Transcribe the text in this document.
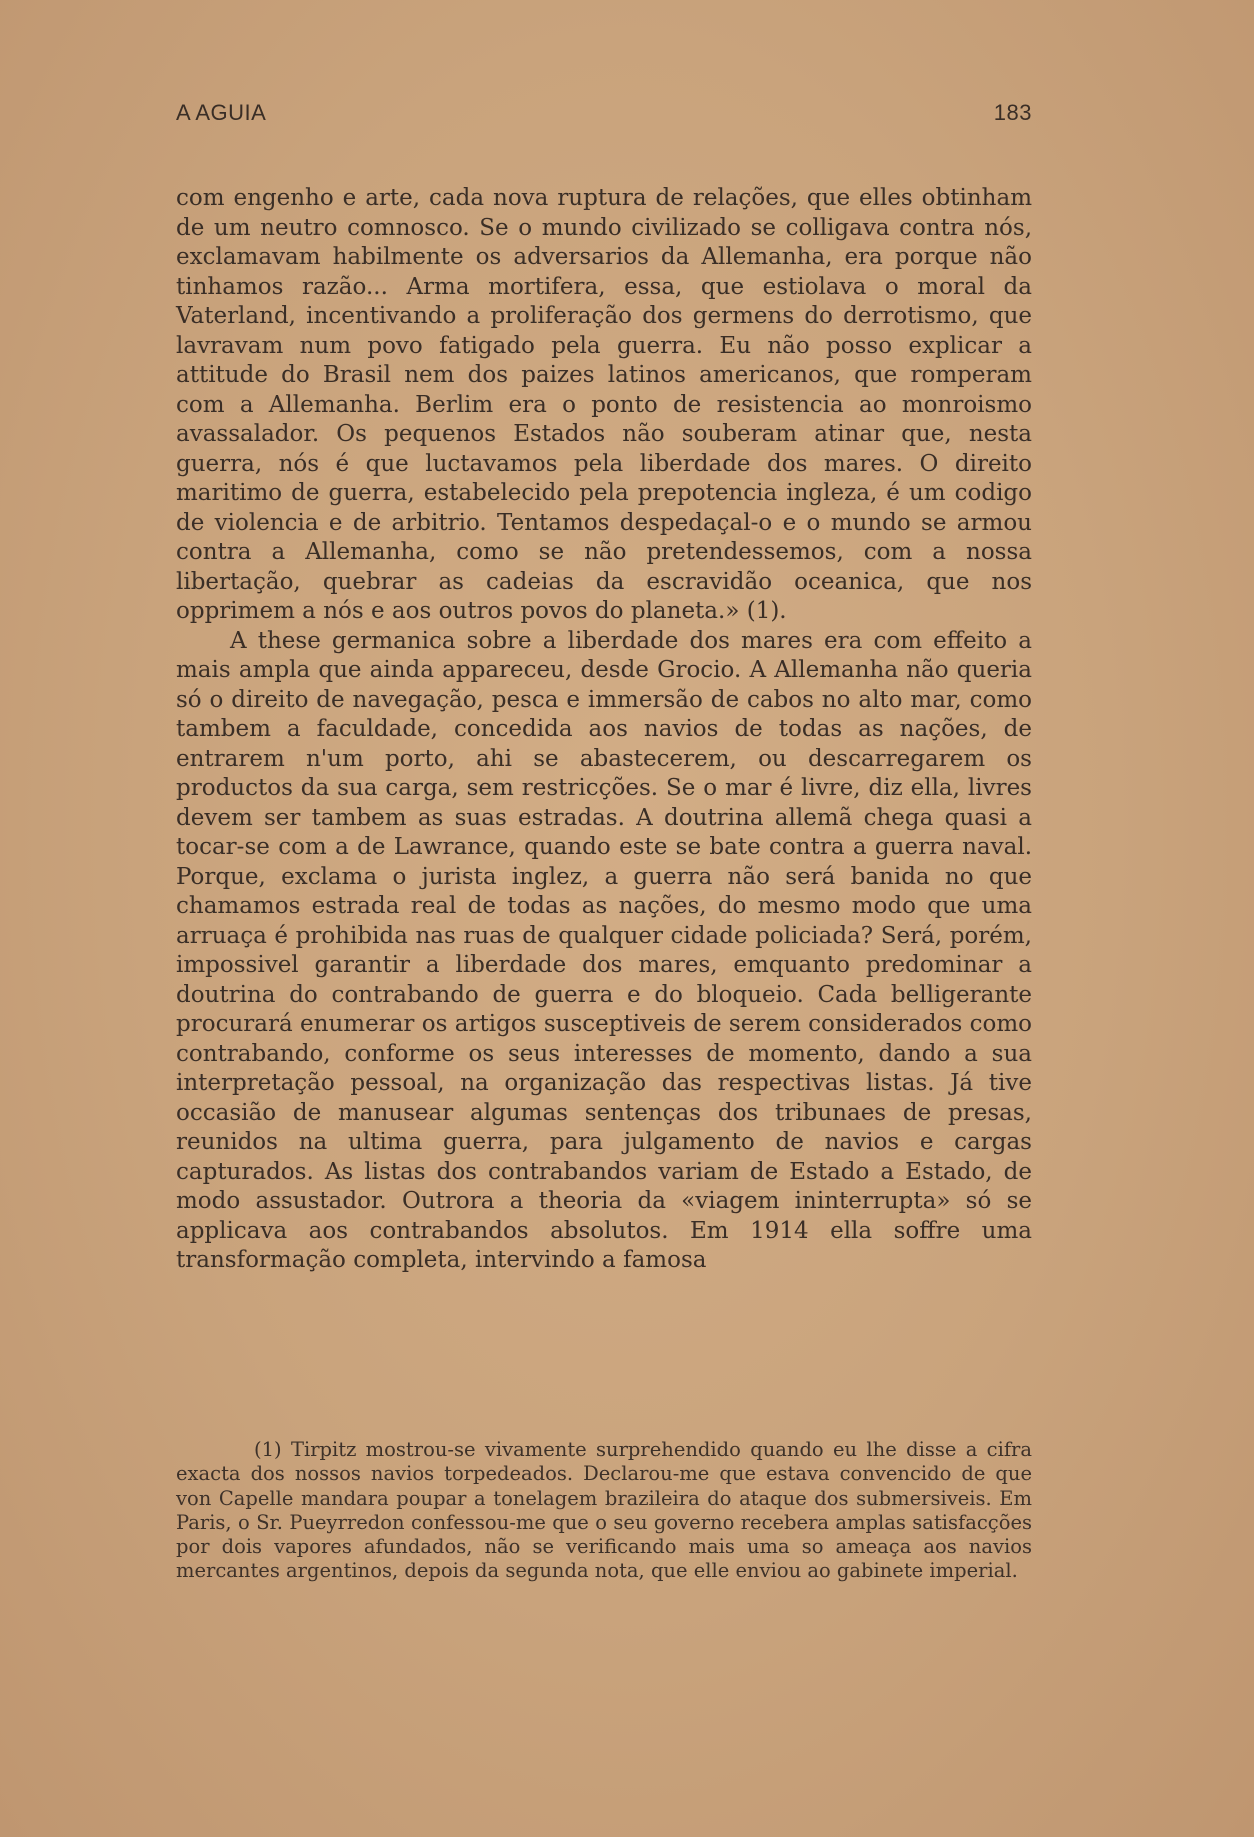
A AGUIA	183

com engenho e arte, cada nova ruptura de relações, que elles obtinham de um neutro comnosco. Se o mundo civilizado se colligava contra nós, exclamavam habilmente os adversarios da Allemanha, era porque não tinhamos razão... Arma mortifera, essa, que estiolava o moral da Vaterland, incentivando a proliferação dos germens do derrotismo, que lavravam num povo fatigado pela guerra. Eu não posso explicar a attitude do Brasil nem dos paizes latinos americanos, que romperam com a Allemanha. Berlim era o ponto de resistencia ao monroismo avassalador. Os pequenos Estados não souberam atinar que, nesta guerra, nós é que luctavamos pela liberdade dos mares. O direito maritimo de guerra, estabelecido pela prepotencia ingleza, é um codigo de violencia e de arbitrio. Tentamos despedaçal-o e o mundo se armou contra a Allemanha, como se não pretendessemos, com a nossa libertação, quebrar as cadeias da escravidão oceanica, que nos opprimem a nós e aos outros povos do planeta.» (1).

A these germanica sobre a liberdade dos mares era com effeito a mais ampla que ainda appareceu, desde Grocio. A Allemanha não queria só o direito de navegação, pesca e immersão de cabos no alto mar, como tambem a faculdade, concedida aos navios de todas as nações, de entrarem n'um porto, ahi se abastecerem, ou descarregarem os productos da sua carga, sem restricções. Se o mar é livre, diz ella, livres devem ser tambem as suas estradas. A doutrina allemã chega quasi a tocar-se com a de Lawrance, quando este se bate contra a guerra naval. Porque, exclama o jurista inglez, a guerra não será banida no que chamamos estrada real de todas as nações, do mesmo modo que uma arruaça é prohibida nas ruas de qualquer cidade policiada? Será, porém, impossivel garantir a liberdade dos mares, emquanto predominar a doutrina do contrabando de guerra e do bloqueio. Cada belligerante procurará enumerar os artigos susceptiveis de serem considerados como contrabando, conforme os seus interesses de momento, dando a sua interpretação pessoal, na organização das respectivas listas. Já tive occasião de manusear algumas sentenças dos tribunaes de presas, reunidos na ultima guerra, para julgamento de navios e cargas capturados. As listas dos contrabandos variam de Estado a Estado, de modo assustador. Outrora a theoria da «viagem ininterrupta» só se applicava aos contrabandos absolutos. Em 1914 ella soffre uma transformação completa, intervindo a famosa

(1) Tirpitz mostrou-se vivamente surprehendido quando eu lhe disse a cifra exacta dos nossos navios torpedeados. Declarou-me que estava convencido de que von Capelle mandara poupar a tonelagem brazileira do ataque dos submersiveis. Em Paris, o Sr. Pueyrredon confessou-me que o seu governo recebera amplas satisfacções por dois vapores afundados, não se verificando mais uma so ameaça aos navios mercantes argentinos, depois da segunda nota, que elle enviou ao gabinete imperial.
